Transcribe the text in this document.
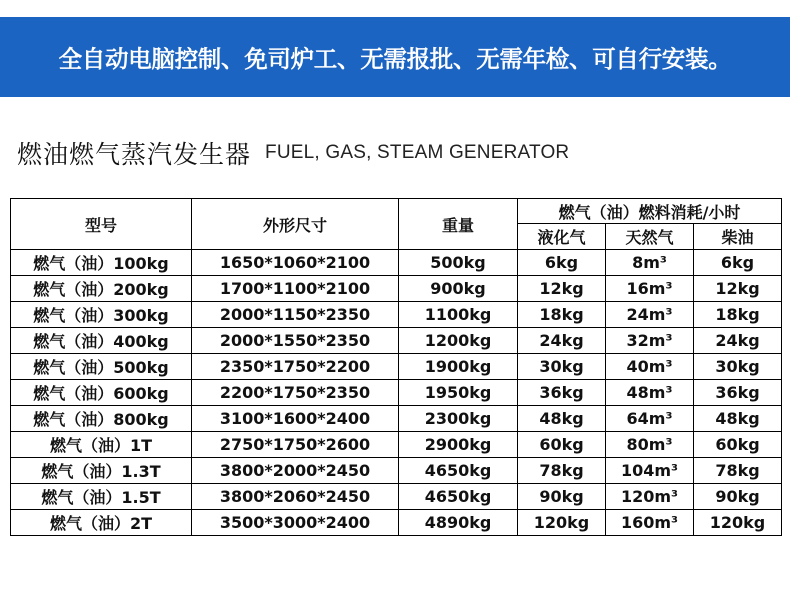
全自动电脑控制、免司炉工、无需报批、无需年检、可自行安装。
燃油燃气蒸汽发生器 FUEL, GAS, STEAM GENERATOR
型号	外形尺寸	重量	燃气（油）燃料消耗/小时		
			液化气	天然气	柴油
燃气（油）100kg	1650*1060*2100	500kg	6kg	8m³	6kg
燃气（油）200kg	1700*1100*2100	900kg	12kg	16m³	12kg
燃气（油）300kg	2000*1150*2350	1100kg	18kg	24m³	18kg
燃气（油）400kg	2000*1550*2350	1200kg	24kg	32m³	24kg
燃气（油）500kg	2350*1750*2200	1900kg	30kg	40m³	30kg
燃气（油）600kg	2200*1750*2350	1950kg	36kg	48m³	36kg
燃气（油）800kg	3100*1600*2400	2300kg	48kg	64m³	48kg
燃气（油）1T	2750*1750*2600	2900kg	60kg	80m³	60kg
燃气（油）1.3T	3800*2000*2450	4650kg	78kg	104m³	78kg
燃气（油）1.5T	3800*2060*2450	4650kg	90kg	120m³	90kg
燃气（油）2T	3500*3000*2400	4890kg	120kg	160m³	120kg
